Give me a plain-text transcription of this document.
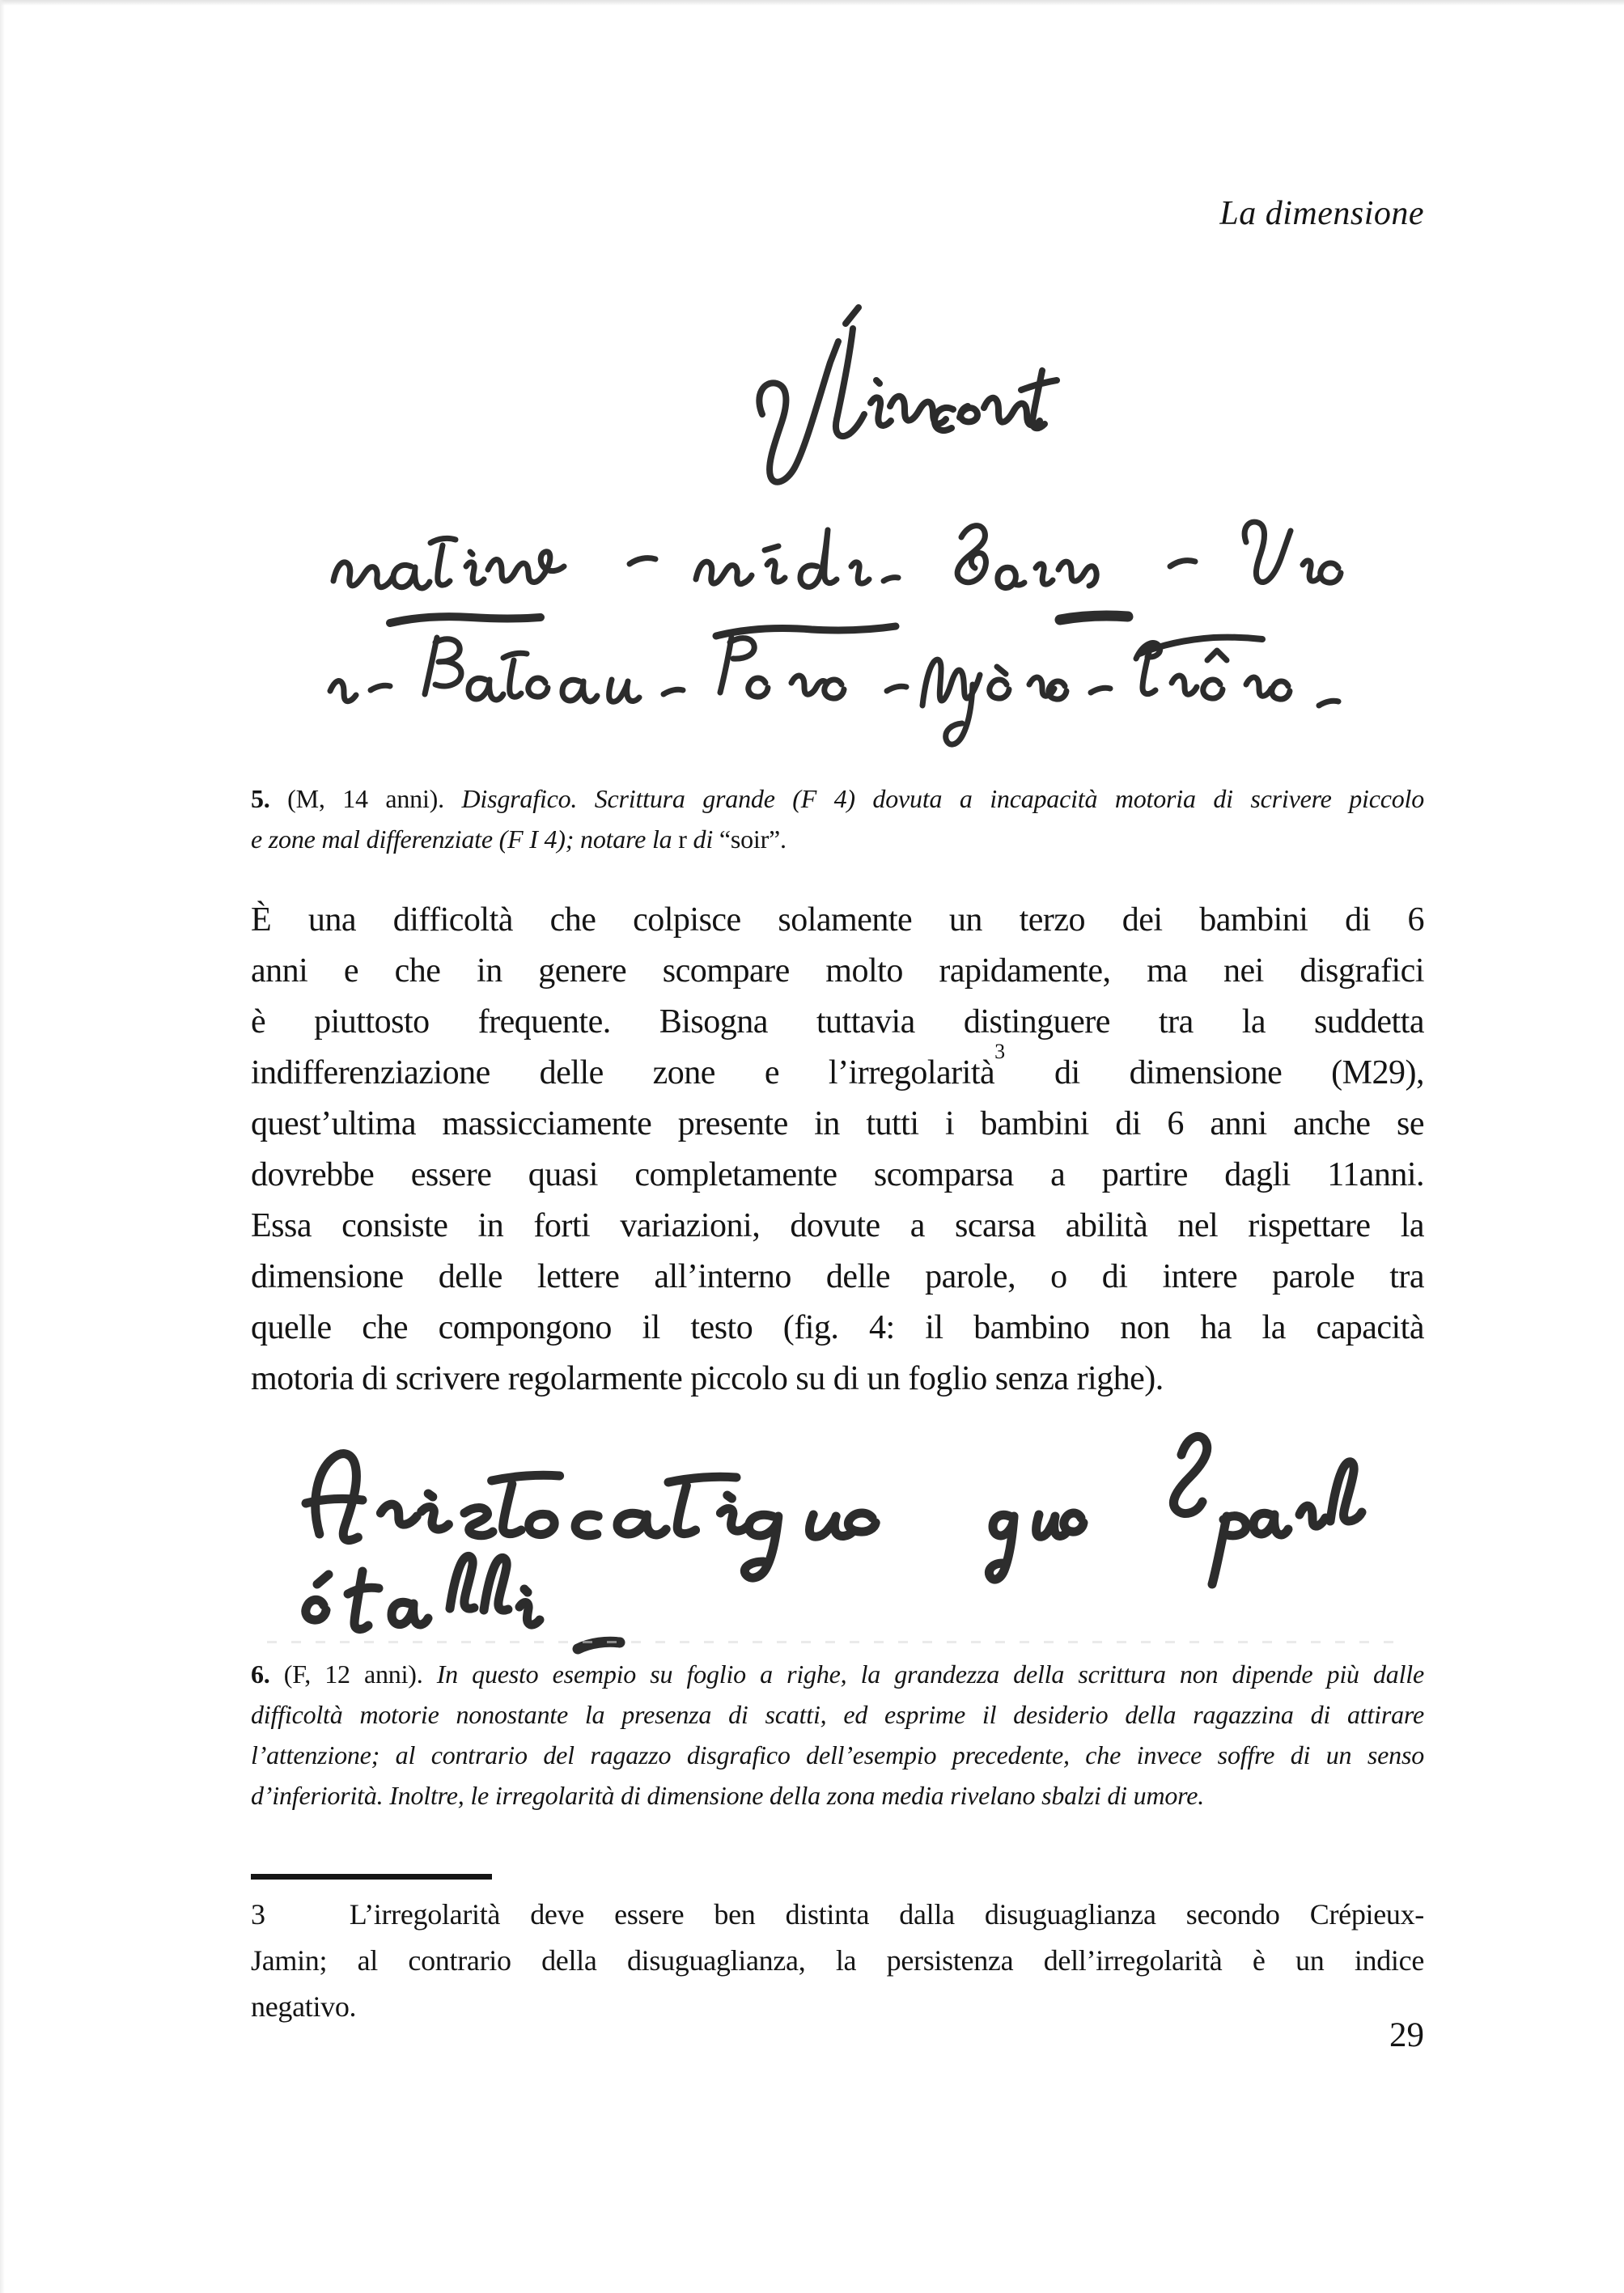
La dimensione
5. (M, 14 anni). Disgrafico. Scrittura grande (F 4) dovuta a incapacità motoria di scrivere piccolo
e zone mal differenziate (F I 4); notare la r di “soir”.
È una difficoltà che colpisce solamente un terzo dei bambini di 6
anni e che in genere scompare molto rapidamente, ma nei disgrafici
è piuttosto frequente. Bisogna tuttavia distinguere tra la suddetta
indifferenziazione delle zone e l’irregolarità$^3$ di dimensione (M29),
quest’ultima massicciamente presente in tutti i bambini di 6 anni anche se
dovrebbe essere quasi completamente scomparsa a partire dagli 11anni.
Essa consiste in forti variazioni, dovute a scarsa abilità nel rispettare la
dimensione delle lettere all’interno delle parole, o di intere parole tra
quelle che compongono il testo (fig. 4: il bambino non ha la capacità
motoria di scrivere regolarmente piccolo su di un foglio senza righe).
6. (F, 12 anni). In questo esempio su foglio a righe, la grandezza della scrittura non dipende più dalle
difficoltà motorie nonostante la presenza di scatti, ed esprime il desiderio della ragazzina di attirare
l’attenzione; al contrario del ragazzo disgrafico dell’esempio precedente, che invece soffre di un senso
d’inferiorità. Inoltre, le irregolarità di dimensione della zona media rivelano sbalzi di umore.
3	L’irregolarità deve essere ben distinta dalla disuguaglianza secondo Crépieux-
Jamin; al contrario della disuguaglianza, la persistenza dell’irregolarità è un indice
negativo.
29
